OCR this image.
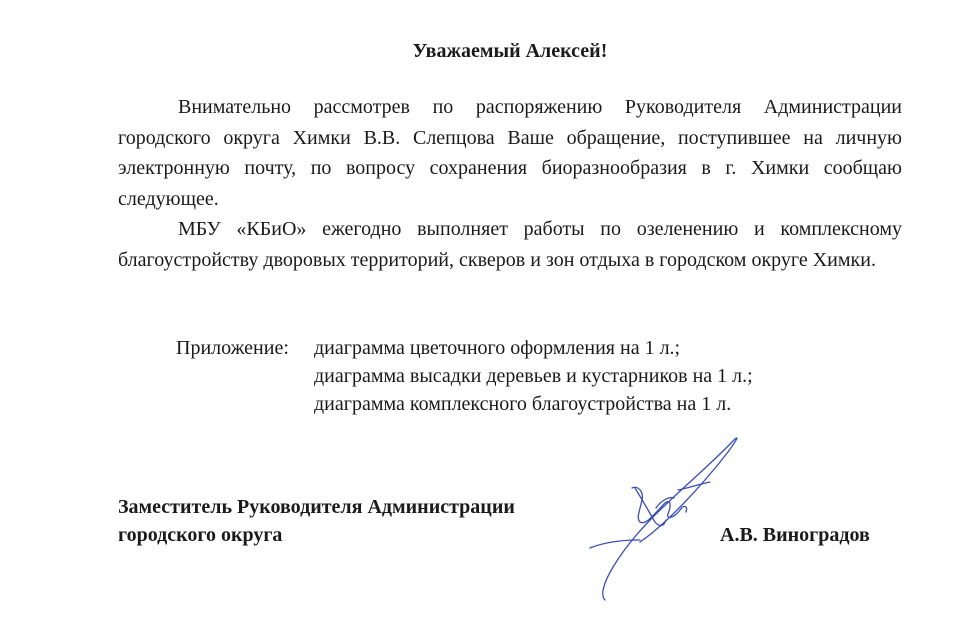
Уважаемый Алексей!

Внимательно рассмотрев по распоряжению Руководителя Администрации городского округа Химки В.В. Слепцова Ваше обращение, поступившее на личную электронную почту, по вопросу сохранения биоразнообразия в г. Химки сообщаю следующее.

МБУ «КБиО» ежегодно выполняет работы по озеленению и комплексному благоустройству дворовых территорий, скверов и зон отдыха в городском округе Химки.

Приложение: диаграмма цветочного оформления на 1 л.;
диаграмма высадки деревьев и кустарников на 1 л.;
диаграмма комплексного благоустройства на 1 л.
Заместитель Руководителя Администрации
городского округа	А.В. Виноградов
